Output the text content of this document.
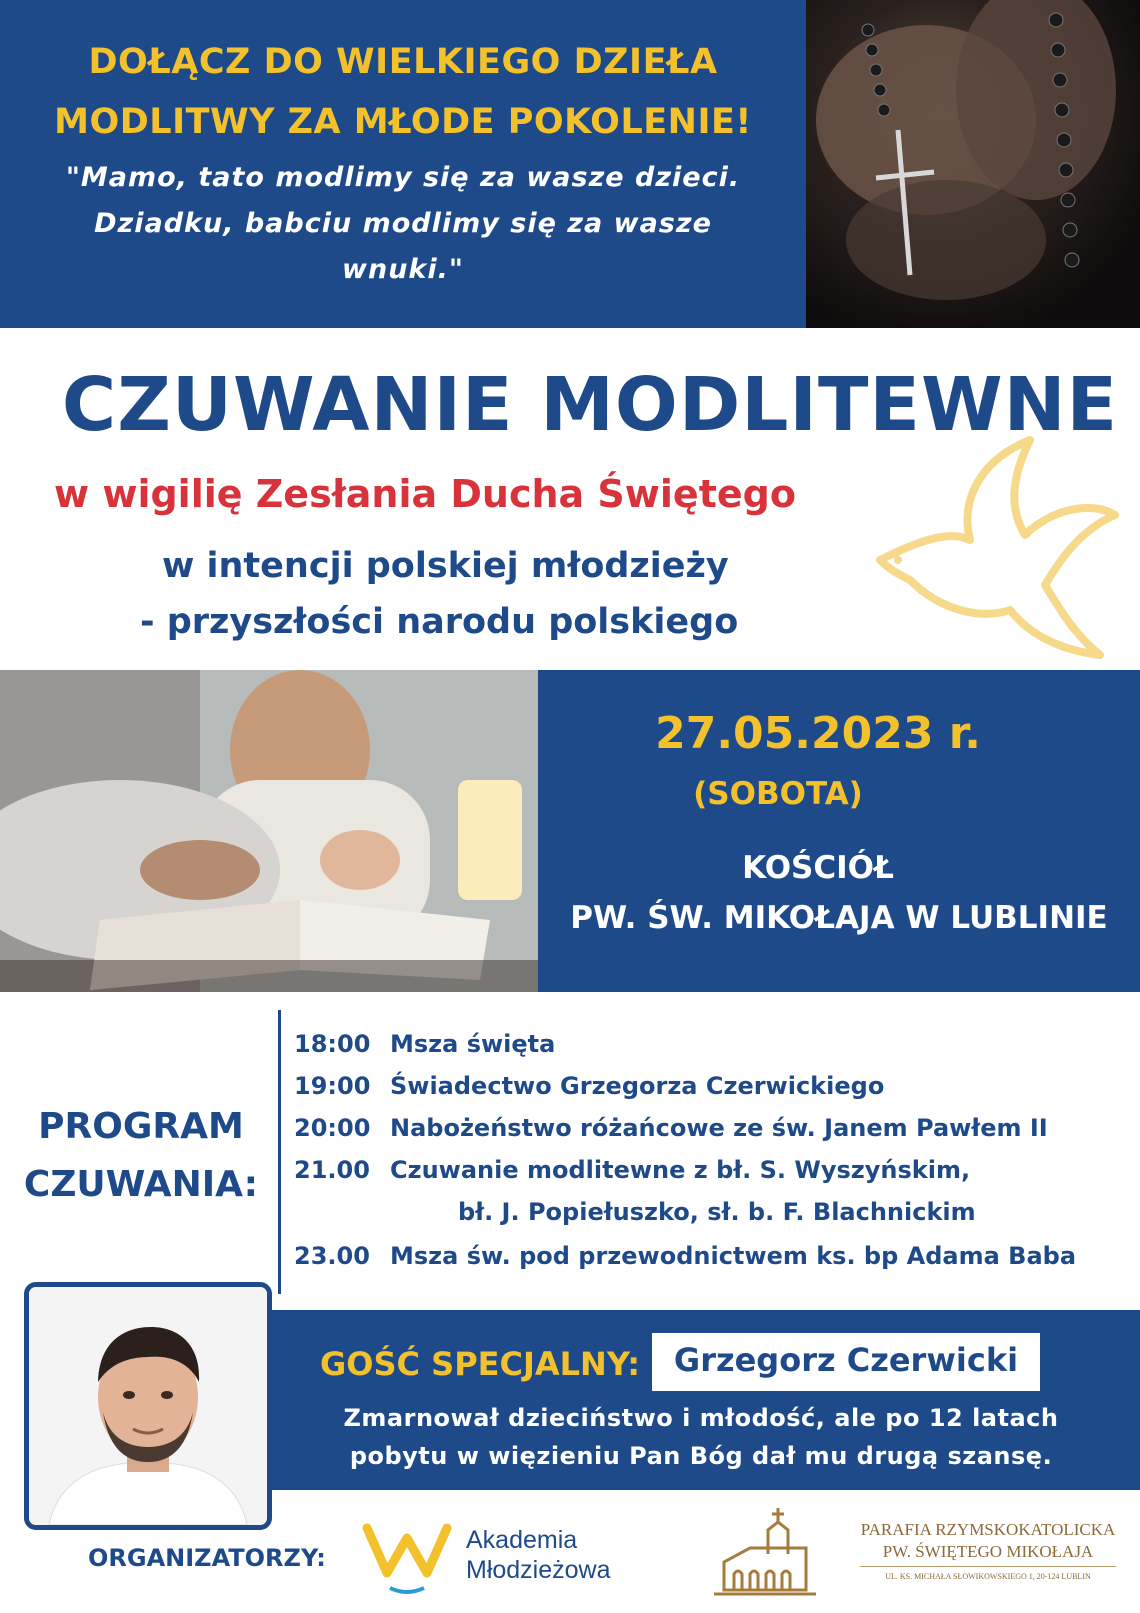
DOŁĄCZ DO WIELKIEGO DZIEŁA
MODLITWY ZA MŁODE POKOLENIE!
"Mamo, tato modlimy się za wasze dzieci.
Dziadku, babciu modlimy się za wasze
wnuki."
CZUWANIE MODLITEWNE
w wigilię Zesłania Ducha Świętego
w intencji polskiej młodzieży
- przyszłości narodu polskiego
27.05.2023 r.
(SOBOTA)
KOŚCIÓŁ
PW. ŚW. MIKOŁAJA W LUBLINIE
PROGRAM
CZUWANIA:
18:00 Msza święta
19:00 Świadectwo Grzegorza Czerwickiego
20:00 Nabożeństwo różańcowe ze św. Janem Pawłem II
21.00 Czuwanie modlitewne z bł. S. Wyszyńskim,
bł. J. Popiełuszko, sł. b. F. Blachnickim
23.00 Msza św. pod przewodnictwem ks. bp Adama Baba
GOŚĆ SPECJALNY:	Grzegorz Czerwicki
Zmarnował dzieciństwo i młodość, ale po 12 latach
pobytu w więzieniu Pan Bóg dał mu drugą szansę.
ORGANIZATORZY:
Akademia
Młodzieżowa
PARAFIA RZYMSKOKATOLICKA
PW. ŚWIĘTEGO MIKOŁAJA
UL. KS. MICHAŁA SŁOWIKOWSKIEGO 1, 20-124 LUBLIN
